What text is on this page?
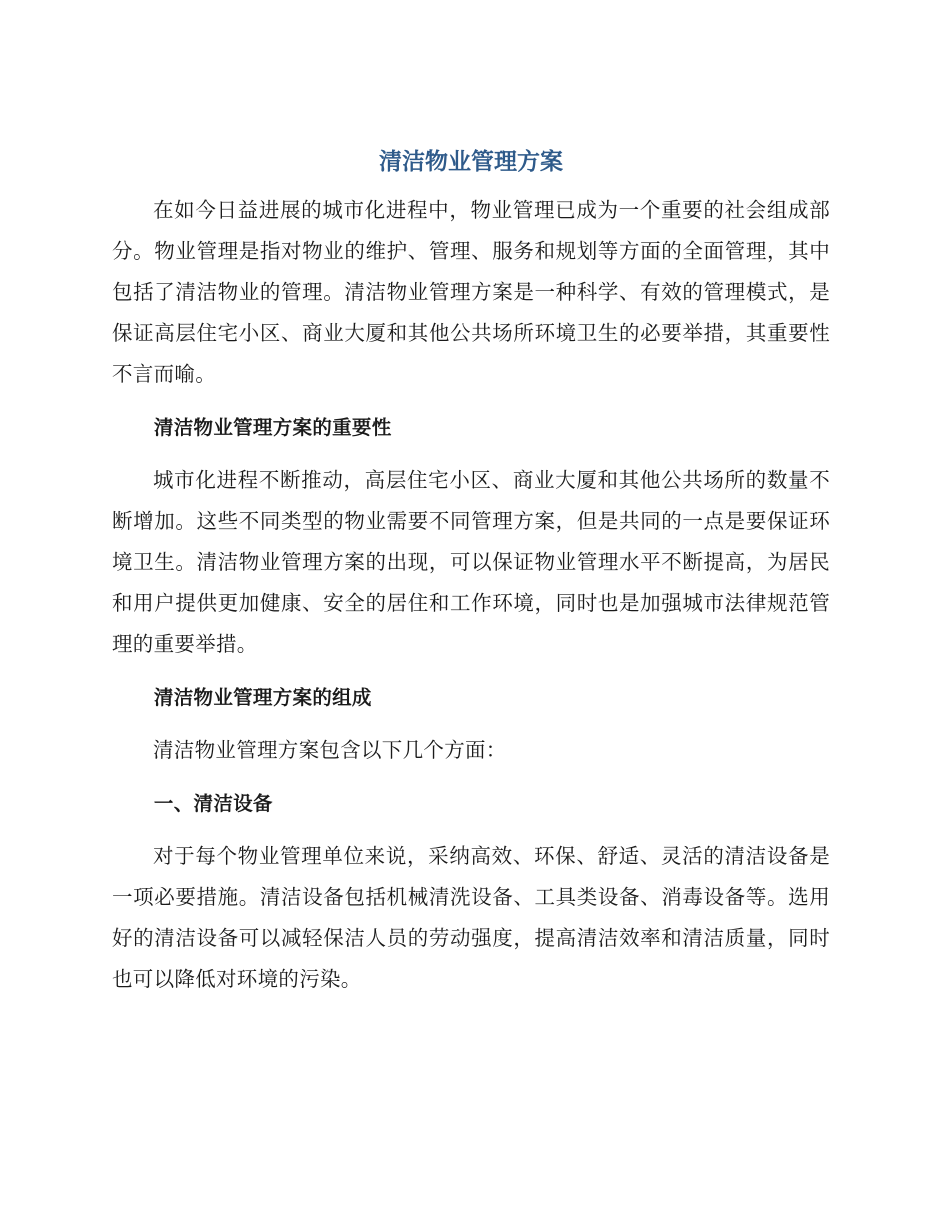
清洁物业管理方案

在如今日益进展的城市化进程中，物业管理已成为一个重要的社会组成部分。物业管理是指对物业的维护、管理、服务和规划等方面的全面管理，其中包括了清洁物业的管理。清洁物业管理方案是一种科学、有效的管理模式，是保证高层住宅小区、商业大厦和其他公共场所环境卫生的必要举措，其重要性不言而喻。

清洁物业管理方案的重要性

城市化进程不断推动，高层住宅小区、商业大厦和其他公共场所的数量不断增加。这些不同类型的物业需要不同管理方案，但是共同的一点是要保证环境卫生。清洁物业管理方案的出现，可以保证物业管理水平不断提高，为居民和用户提供更加健康、安全的居住和工作环境，同时也是加强城市法律规范管理的重要举措。

清洁物业管理方案的组成

清洁物业管理方案包含以下几个方面：

一、清洁设备

对于每个物业管理单位来说，采纳高效、环保、舒适、灵活的清洁设备是一项必要措施。清洁设备包括机械清洗设备、工具类设备、消毒设备等。选用好的清洁设备可以减轻保洁人员的劳动强度，提高清洁效率和清洁质量，同时也可以降低对环境的污染。
